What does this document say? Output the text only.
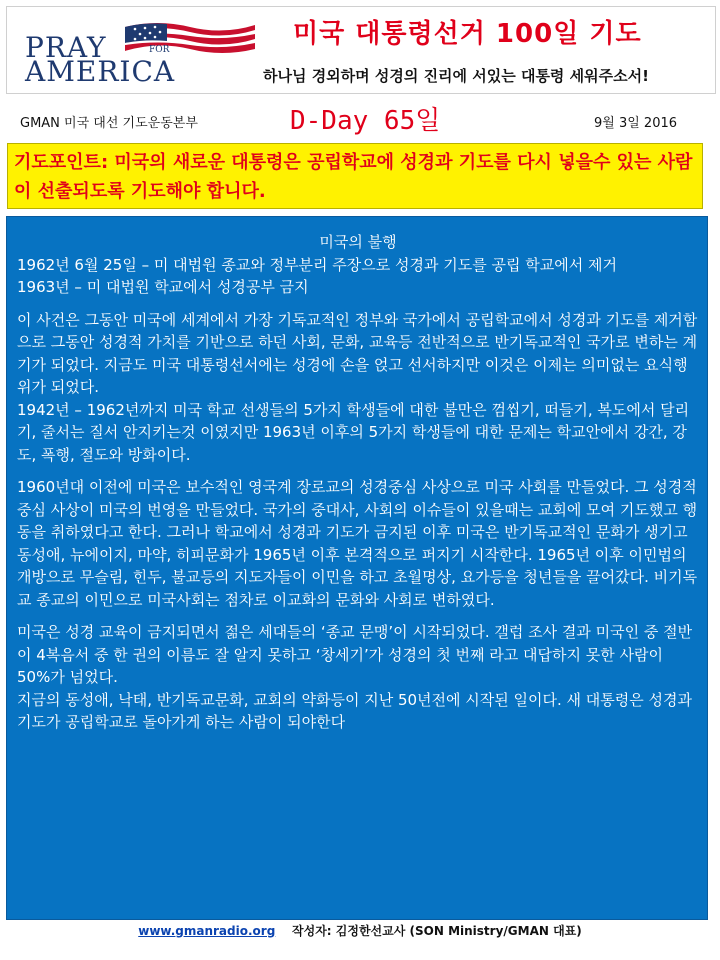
PRAY	FOR
AMERICA
미국 대통령선거 100일 기도
하나님 경외하며 성경의 진리에 서있는 대통령 세워주소서!
GMAN 미국 대선 기도운동본부	D-Day 65일	9월 3일 2016
기도포인트: 미국의 새로운 대통령은 공립학교에 성경과 기도를 다시 넣을수 있는 사람이 선출되도록 기도해야 합니다.

미국의 불행

1962년 6월 25일 – 미 대법원 종교와 정부분리 주장으로 성경과 기도를 공립 학교에서 제거

1963년 – 미 대법원 학교에서 성경공부 금지

이 사건은 그동안 미국에 세계에서 가장 기독교적인 정부와 국가에서 공립학교에서 성경과 기도를 제거함으로 그동안 성경적 가치를 기반으로 하던 사회, 문화, 교육등 전반적으로 반기독교적인 국가로 변하는 계기가 되었다. 지금도 미국 대통령선서에는 성경에 손을 얹고 선서하지만 이것은 이제는 의미없는 요식행위가 되었다.

1942년 – 1962년까지 미국 학교 선생들의 5가지 학생들에 대한 불만은 껌씹기, 떠들기, 복도에서 달리기, 줄서는 질서 안지키는것 이였지만 1963년 이후의 5가지 학생들에 대한 문제는 학교안에서 강간, 강도, 폭행, 절도와 방화이다.

1960년대 이전에 미국은 보수적인 영국계 장로교의 성경중심 사상으로 미국 사회를 만들었다. 그 성경적 중심 사상이 미국의 번영을 만들었다. 국가의 중대사, 사회의 이슈들이 있을때는 교회에 모여 기도했고 행동을 취하였다고 한다. 그러나 학교에서 성경과 기도가 금지된 이후 미국은 반기독교적인 문화가 생기고 동성애, 뉴에이지, 마약, 히피문화가 1965년 이후 본격적으로 퍼지기 시작한다. 1965년 이후 이민법의 개방으로 무슬림, 힌두, 불교등의 지도자들이 이민을 하고 초월명상, 요가등을 청년들을 끌어갔다. 비기독교 종교의 이민으로 미국사회는 점차로 이교화의 문화와 사회로 변하였다.

미국은 성경 교육이 금지되면서 젊은 세대들의 ‘종교 문맹’이 시작되었다. 갤럽 조사 결과 미국인 중 절반이 4복음서 중 한 권의 이름도 잘 알지 못하고 ‘창세기’가 성경의 첫 번째 라고 대답하지 못한 사람이 50%가 넘었다.

지금의 동성애, 낙태, 반기독교문화, 교회의 약화등이 지난 50년전에 시작된 일이다. 새 대통령은 성경과 기도가 공립학교로 돌아가게 하는 사람이 되야한다

www.gmanradio.org 작성자: 김정한선교사 (SON Ministry/GMAN 대표)
